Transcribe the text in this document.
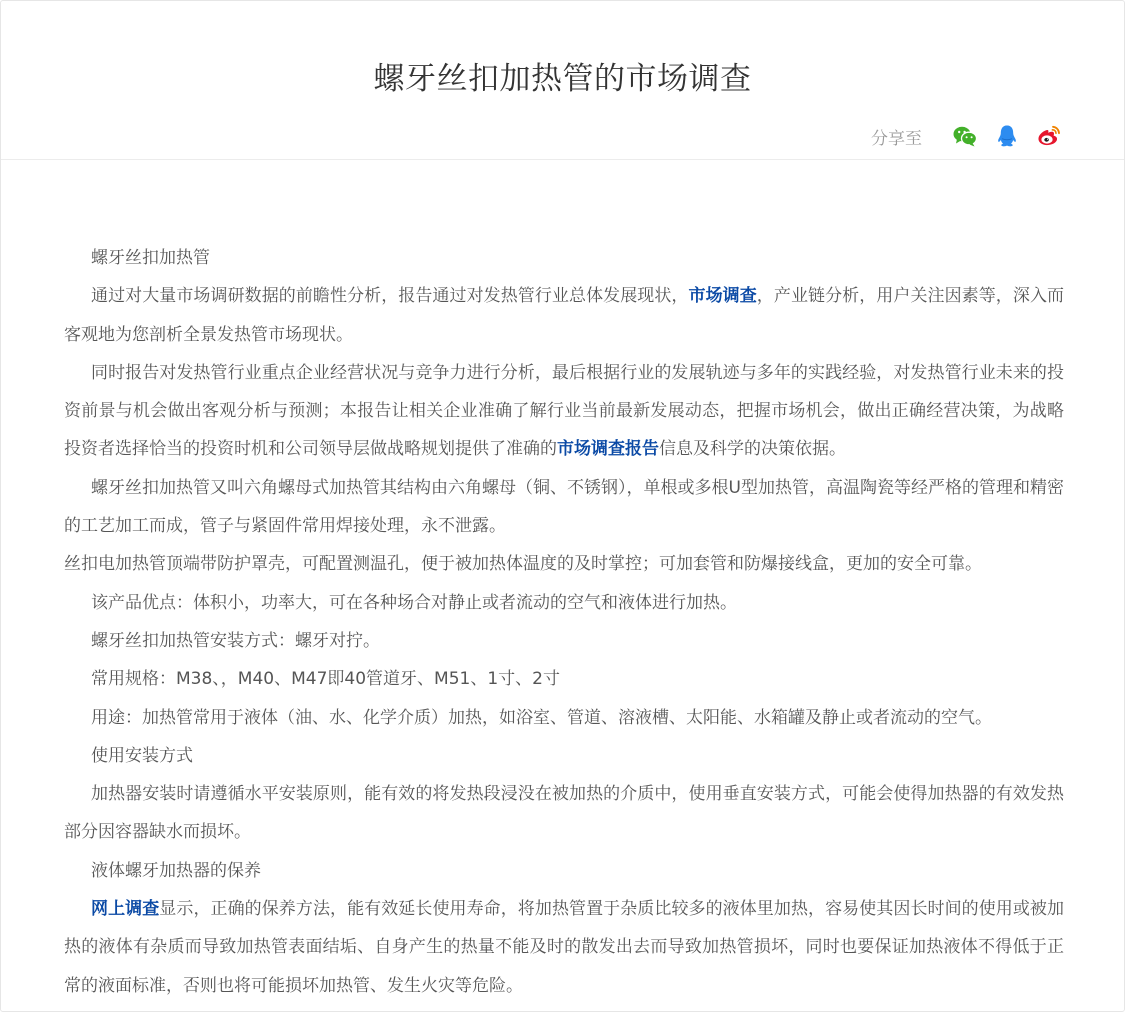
螺牙丝扣加热管的市场调查
分享至

螺牙丝扣加热管

通过对大量市场调研数据的前瞻性分析，报告通过对发热管行业总体发展现状，市场调查，产业链分析，用户关注因素等，深入而客观地为您剖析全景发热管市场现状。

同时报告对发热管行业重点企业经营状况与竞争力进行分析，最后根据行业的发展轨迹与多年的实践经验，对发热管行业未来的投资前景与机会做出客观分析与预测；本报告让相关企业准确了解行业当前最新发展动态，把握市场机会，做出正确经营决策，为战略投资者选择恰当的投资时机和公司领导层做战略规划提供了准确的市场调查报告信息及科学的决策依据。

螺牙丝扣加热管又叫六角螺母式加热管其结构由六角螺母（铜、不锈钢），单根或多根U型加热管，高温陶瓷等经严格的管理和精密的工艺加工而成，管子与紧固件常用焊接处理，永不泄露。

丝扣电加热管顶端带防护罩壳，可配置测温孔，便于被加热体温度的及时掌控；可加套管和防爆接线盒，更加的安全可靠。

该产品优点：体积小，功率大，可在各种场合对静止或者流动的空气和液体进行加热。

螺牙丝扣加热管安装方式：螺牙对拧。

常用规格：M38、，M40、M47即40管道牙、M51、1寸、2寸

用途：加热管常用于液体（油、水、化学介质）加热，如浴室、管道、溶液槽、太阳能、水箱罐及静止或者流动的空气。

使用安装方式

加热器安装时请遵循水平安装原则，能有效的将发热段浸没在被加热的介质中，使用垂直安装方式，可能会使得加热器的有效发热部分因容器缺水而损坏。

液体螺牙加热器的保养

网上调查显示，正确的保养方法，能有效延长使用寿命，将加热管置于杂质比较多的液体里加热，容易使其因长时间的使用或被加热的液体有杂质而导致加热管表面结垢、自身产生的热量不能及时的散发出去而导致加热管损坏，同时也要保证加热液体不得低于正常的液面标准，否则也将可能损坏加热管、发生火灾等危险。
